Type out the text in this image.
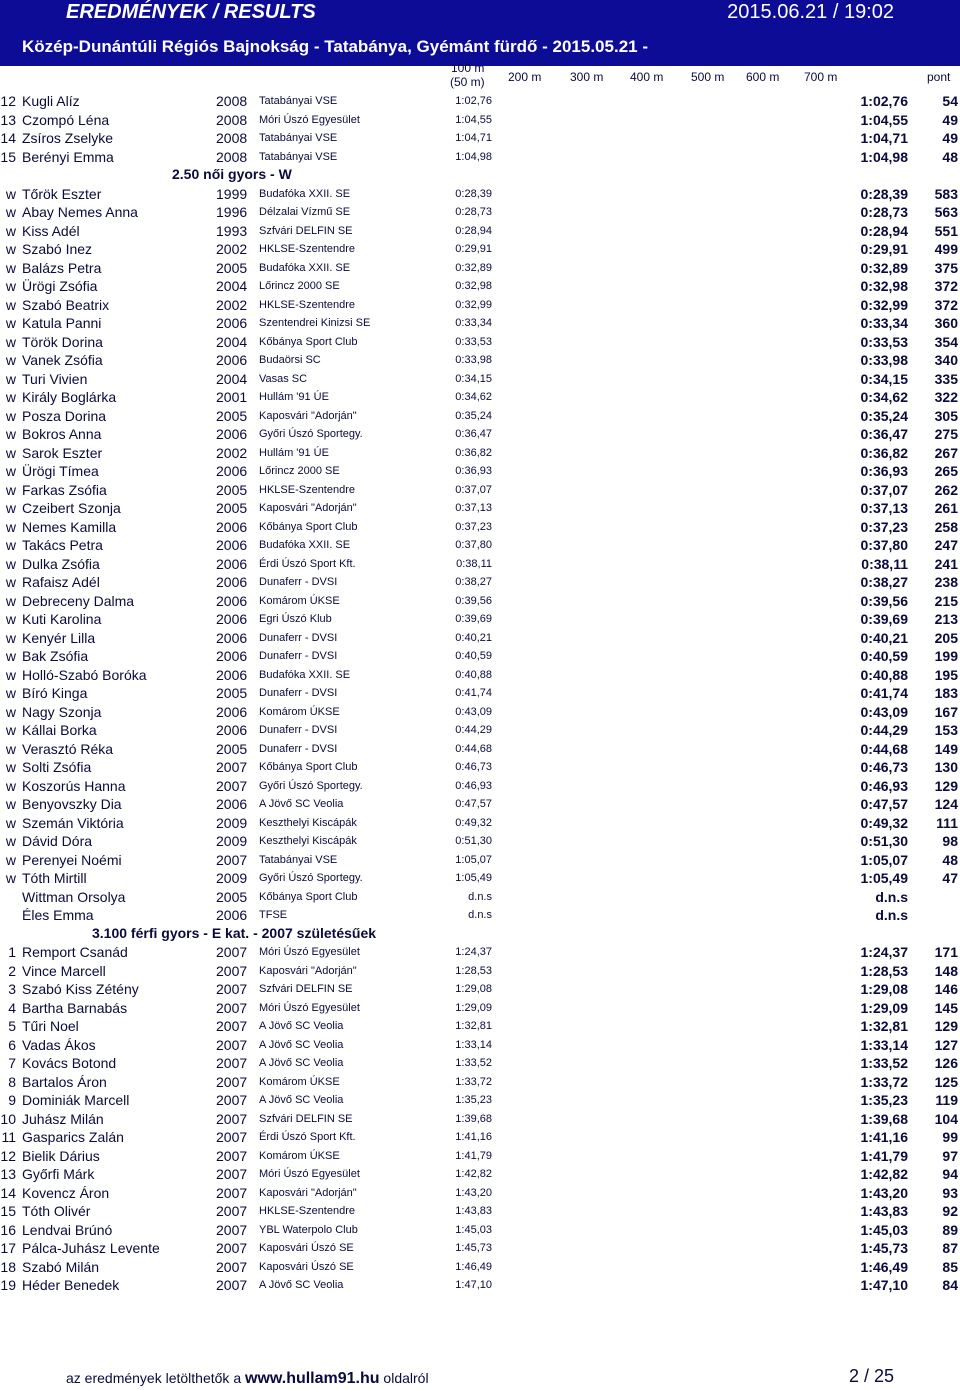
EREDMÉNYEK / RESULTS	2015.06.21 / 19:02
Közép-Dunántúli Régiós Bajnokság - Tatabánya, Gyémánt fürdő - 2015.05.21 -
100 m
(50 m) 200 m 300 m 400 m 500 m 600 m 700 m	pont
12 Kugli Alíz	2008 Tatabányai VSE	1:02,76	1:02,76	54
13 Czompó Léna	2008 Móri Úszó Egyesület	1:04,55	1:04,55	49
14 Zsíros Zselyke	2008 Tatabányai VSE	1:04,71	1:04,71	49
15 Berényi Emma	2008 Tatabányai VSE	1:04,98	1:04,98	48
2.50 női gyors - W
w Tőrök Eszter	1999 Budafóka XXII. SE	0:28,39	0:28,39	583
w Abay Nemes Anna	1996 Délzalai Vízmű SE	0:28,73	0:28,73	563
w Kiss Adél	1993 Szfvári DELFIN SE	0:28,94	0:28,94	551
w Szabó Inez	2002 HKLSE-Szentendre	0:29,91	0:29,91	499
w Balázs Petra	2005 Budafóka XXII. SE	0:32,89	0:32,89	375
w Ürögi Zsófia	2004 Lőrincz 2000 SE	0:32,98	0:32,98	372
w Szabó Beatrix	2002 HKLSE-Szentendre	0:32,99	0:32,99	372
w Katula Panni	2006 Szentendrei Kinizsi SE	0:33,34	0:33,34	360
w Török Dorina	2004 Kőbánya Sport Club	0:33,53	0:33,53	354
w Vanek Zsófia	2006 Budaörsi SC	0:33,98	0:33,98	340
w Turi Vivien	2004 Vasas SC	0:34,15	0:34,15	335
w Király Boglárka	2001 Hullám '91 ÚE	0:34,62	0:34,62	322
w Posza Dorina	2005 Kaposvári "Adorján"	0:35,24	0:35,24	305
w Bokros Anna	2006 Győri Úszó Sportegy.	0:36,47	0:36,47	275
w Sarok Eszter	2002 Hullám '91 ÚE	0:36,82	0:36,82	267
w Ürögi Tímea	2006 Lőrincz 2000 SE	0:36,93	0:36,93	265
w Farkas Zsófia	2005 HKLSE-Szentendre	0:37,07	0:37,07	262
w Czeibert Szonja	2005 Kaposvári "Adorján"	0:37,13	0:37,13	261
w Nemes Kamilla	2006 Kőbánya Sport Club	0:37,23	0:37,23	258
w Takács Petra	2006 Budafóka XXII. SE	0:37,80	0:37,80	247
w Dulka Zsófia	2006 Érdi Úszó Sport Kft.	0:38,11	0:38,11	241
w Rafaisz Adél	2006 Dunaferr - DVSI	0:38,27	0:38,27	238
w Debreceny Dalma	2006 Komárom ÚKSE	0:39,56	0:39,56	215
w Kuti Karolina	2006 Egri Úszó Klub	0:39,69	0:39,69	213
w Kenyér Lilla	2006 Dunaferr - DVSI	0:40,21	0:40,21	205
w Bak Zsófia	2006 Dunaferr - DVSI	0:40,59	0:40,59	199
w Holló-Szabó Boróka	2006 Budafóka XXII. SE	0:40,88	0:40,88	195
w Bíró Kinga	2005 Dunaferr - DVSI	0:41,74	0:41,74	183
w Nagy Szonja	2006 Komárom ÚKSE	0:43,09	0:43,09	167
w Kállai Borka	2006 Dunaferr - DVSI	0:44,29	0:44,29	153
w Verasztó Réka	2005 Dunaferr - DVSI	0:44,68	0:44,68	149
w Solti Zsófia	2007 Kőbánya Sport Club	0:46,73	0:46,73	130
w Koszorús Hanna	2007 Győri Úszó Sportegy.	0:46,93	0:46,93	129
w Benyovszky Dia	2006 A Jövő SC Veolia	0:47,57	0:47,57	124
w Szemán Viktória	2009 Keszthelyi Kiscápák	0:49,32	0:49,32	111
w Dávid Dóra	2009 Keszthelyi Kiscápák	0:51,30	0:51,30	98
w Perenyei Noémi	2007 Tatabányai VSE	1:05,07	1:05,07	48
w Tóth Mirtill	2009 Győri Úszó Sportegy.	1:05,49	1:05,49	47
Wittman Orsolya	2005 Kőbánya Sport Club	d.n.s	d.n.s
Éles Emma	2006 TFSE	d.n.s	d.n.s
3.100 férfi gyors - E kat. - 2007 születésűek
1 Remport Csanád	2007 Móri Úszó Egyesület	1:24,37	1:24,37	171
2 Vince Marcell	2007 Kaposvári "Adorján"	1:28,53	1:28,53	148
3 Szabó Kiss Zétény	2007 Szfvári DELFIN SE	1:29,08	1:29,08	146
4 Bartha Barnabás	2007 Móri Úszó Egyesület	1:29,09	1:29,09	145
5 Tűri Noel	2007 A Jövő SC Veolia	1:32,81	1:32,81	129
6 Vadas Ákos	2007 A Jövő SC Veolia	1:33,14	1:33,14	127
7 Kovács Botond	2007 A Jövő SC Veolia	1:33,52	1:33,52	126
8 Bartalos Áron	2007 Komárom ÚKSE	1:33,72	1:33,72	125
9 Dominiák Marcell	2007 A Jövő SC Veolia	1:35,23	1:35,23	119
10 Juhász Milán	2007 Szfvári DELFIN SE	1:39,68	1:39,68	104
11 Gasparics Zalán	2007 Érdi Úszó Sport Kft.	1:41,16	1:41,16	99
12 Bielik Dárius	2007 Komárom ÚKSE	1:41,79	1:41,79	97
13 Győrfi Márk	2007 Móri Úszó Egyesület	1:42,82	1:42,82	94
14 Kovencz Áron	2007 Kaposvári "Adorján"	1:43,20	1:43,20	93
15 Tóth Olivér	2007 HKLSE-Szentendre	1:43,83	1:43,83	92
16 Lendvai Brúnó	2007 YBL Waterpolo Club	1:45,03	1:45,03	89
17 Pálca-Juhász Levente	2007 Kaposvári Úszó SE	1:45,73	1:45,73	87
18 Szabó Milán	2007 Kaposvári Úszó SE	1:46,49	1:46,49	85
19 Héder Benedek	2007 A Jövő SC Veolia	1:47,10	1:47,10	84
az eredmények letölthetők a www.hullam91.hu oldalról	2 / 25
